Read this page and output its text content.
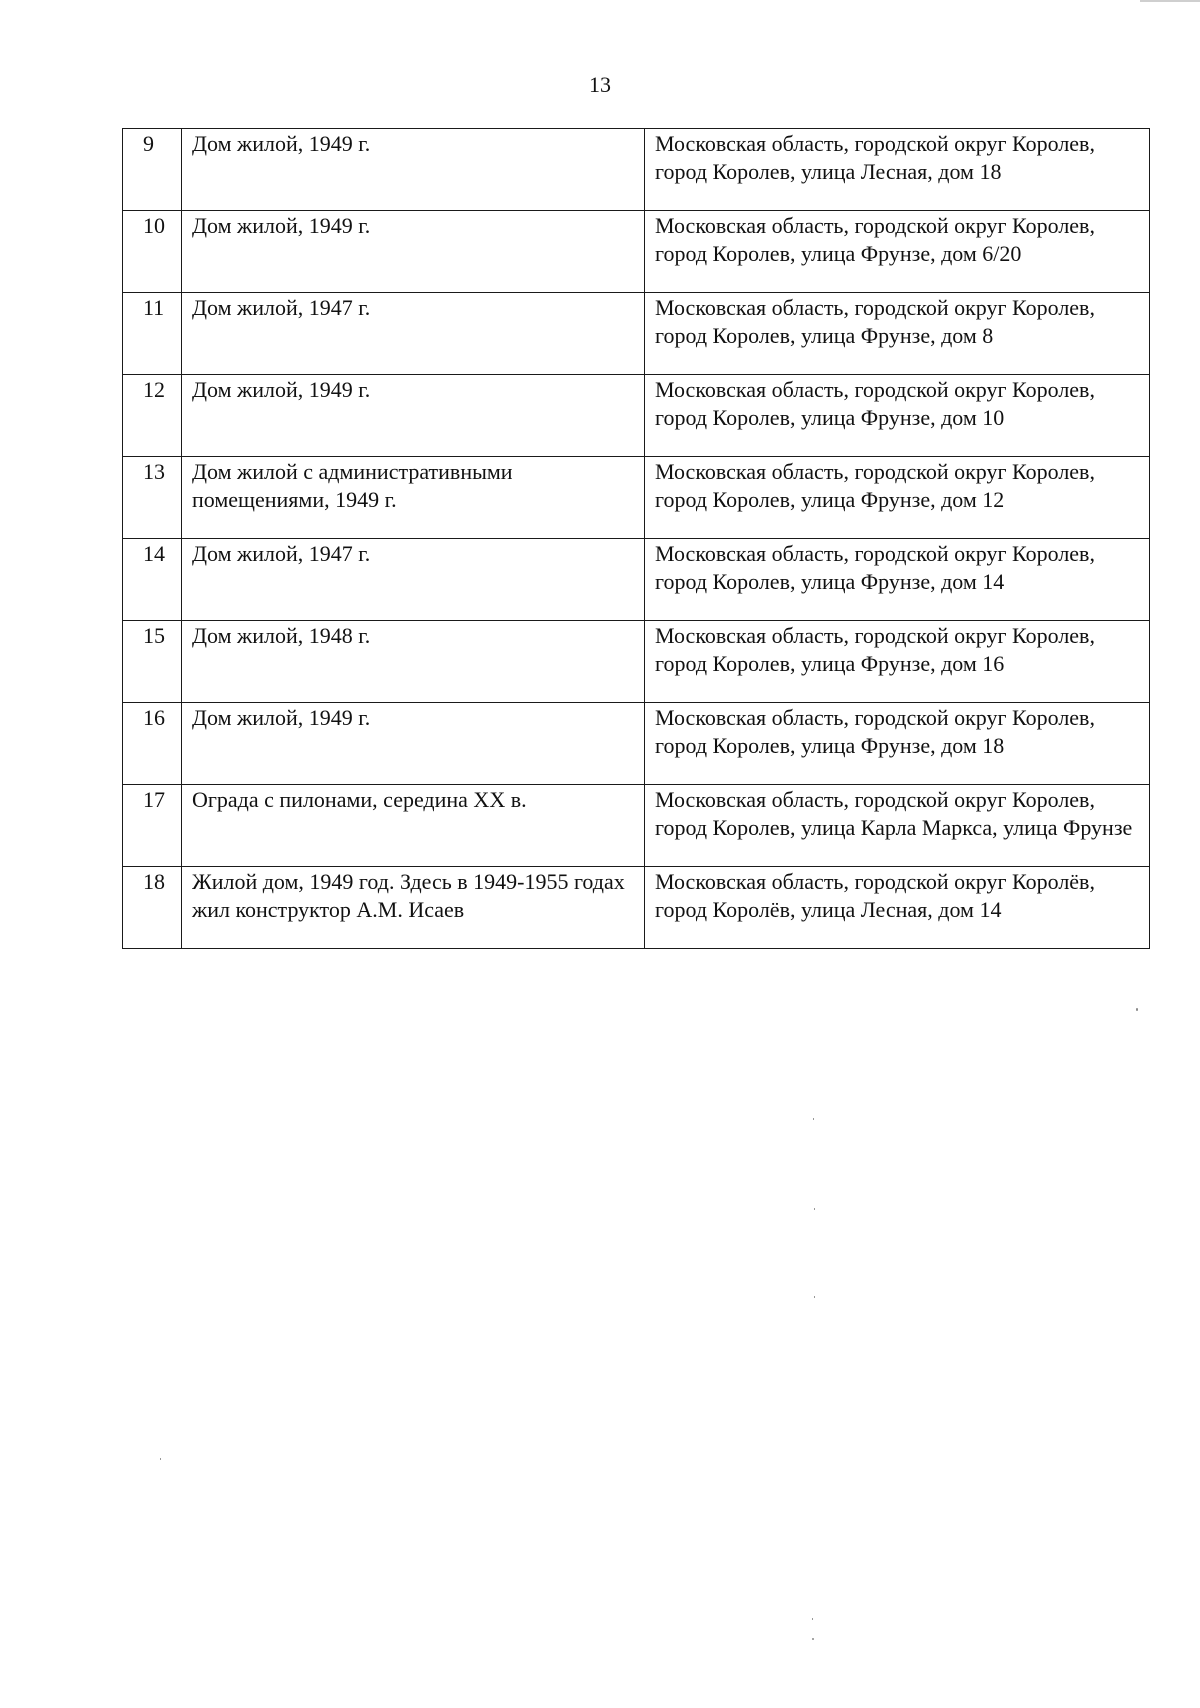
13
9	Дом жилой, 1949 г.	Московская область, городской округ Королев, город Королев, улица Лесная, дом 18
10	Дом жилой, 1949 г.	Московская область, городской округ Королев, город Королев, улица Фрунзе, дом 6/20
11	Дом жилой, 1947 г.	Московская область, городской округ Королев, город Королев, улица Фрунзе, дом 8
12	Дом жилой, 1949 г.	Московская область, городской округ Королев, город Королев, улица Фрунзе, дом 10
13	Дом жилой с административными помещениями, 1949 г.	Московская область, городской округ Королев, город Королев, улица Фрунзе, дом 12
14	Дом жилой, 1947 г.	Московская область, городской округ Королев, город Королев, улица Фрунзе, дом 14
15	Дом жилой, 1948 г.	Московская область, городской округ Королев, город Королев, улица Фрунзе, дом 16
16	Дом жилой, 1949 г.	Московская область, городской округ Королев, город Королев, улица Фрунзе, дом 18
17	Ограда с пилонами, середина XX в.	Московская область, городской округ Королев, город Королев, улица Карла Маркса, улица Фрунзе
18	Жилой дом, 1949 год. Здесь в 1949-1955 годах жил конструктор А.М. Исаев	Московская область, городской округ Королёв, город Королёв, улица Лесная, дом 14
